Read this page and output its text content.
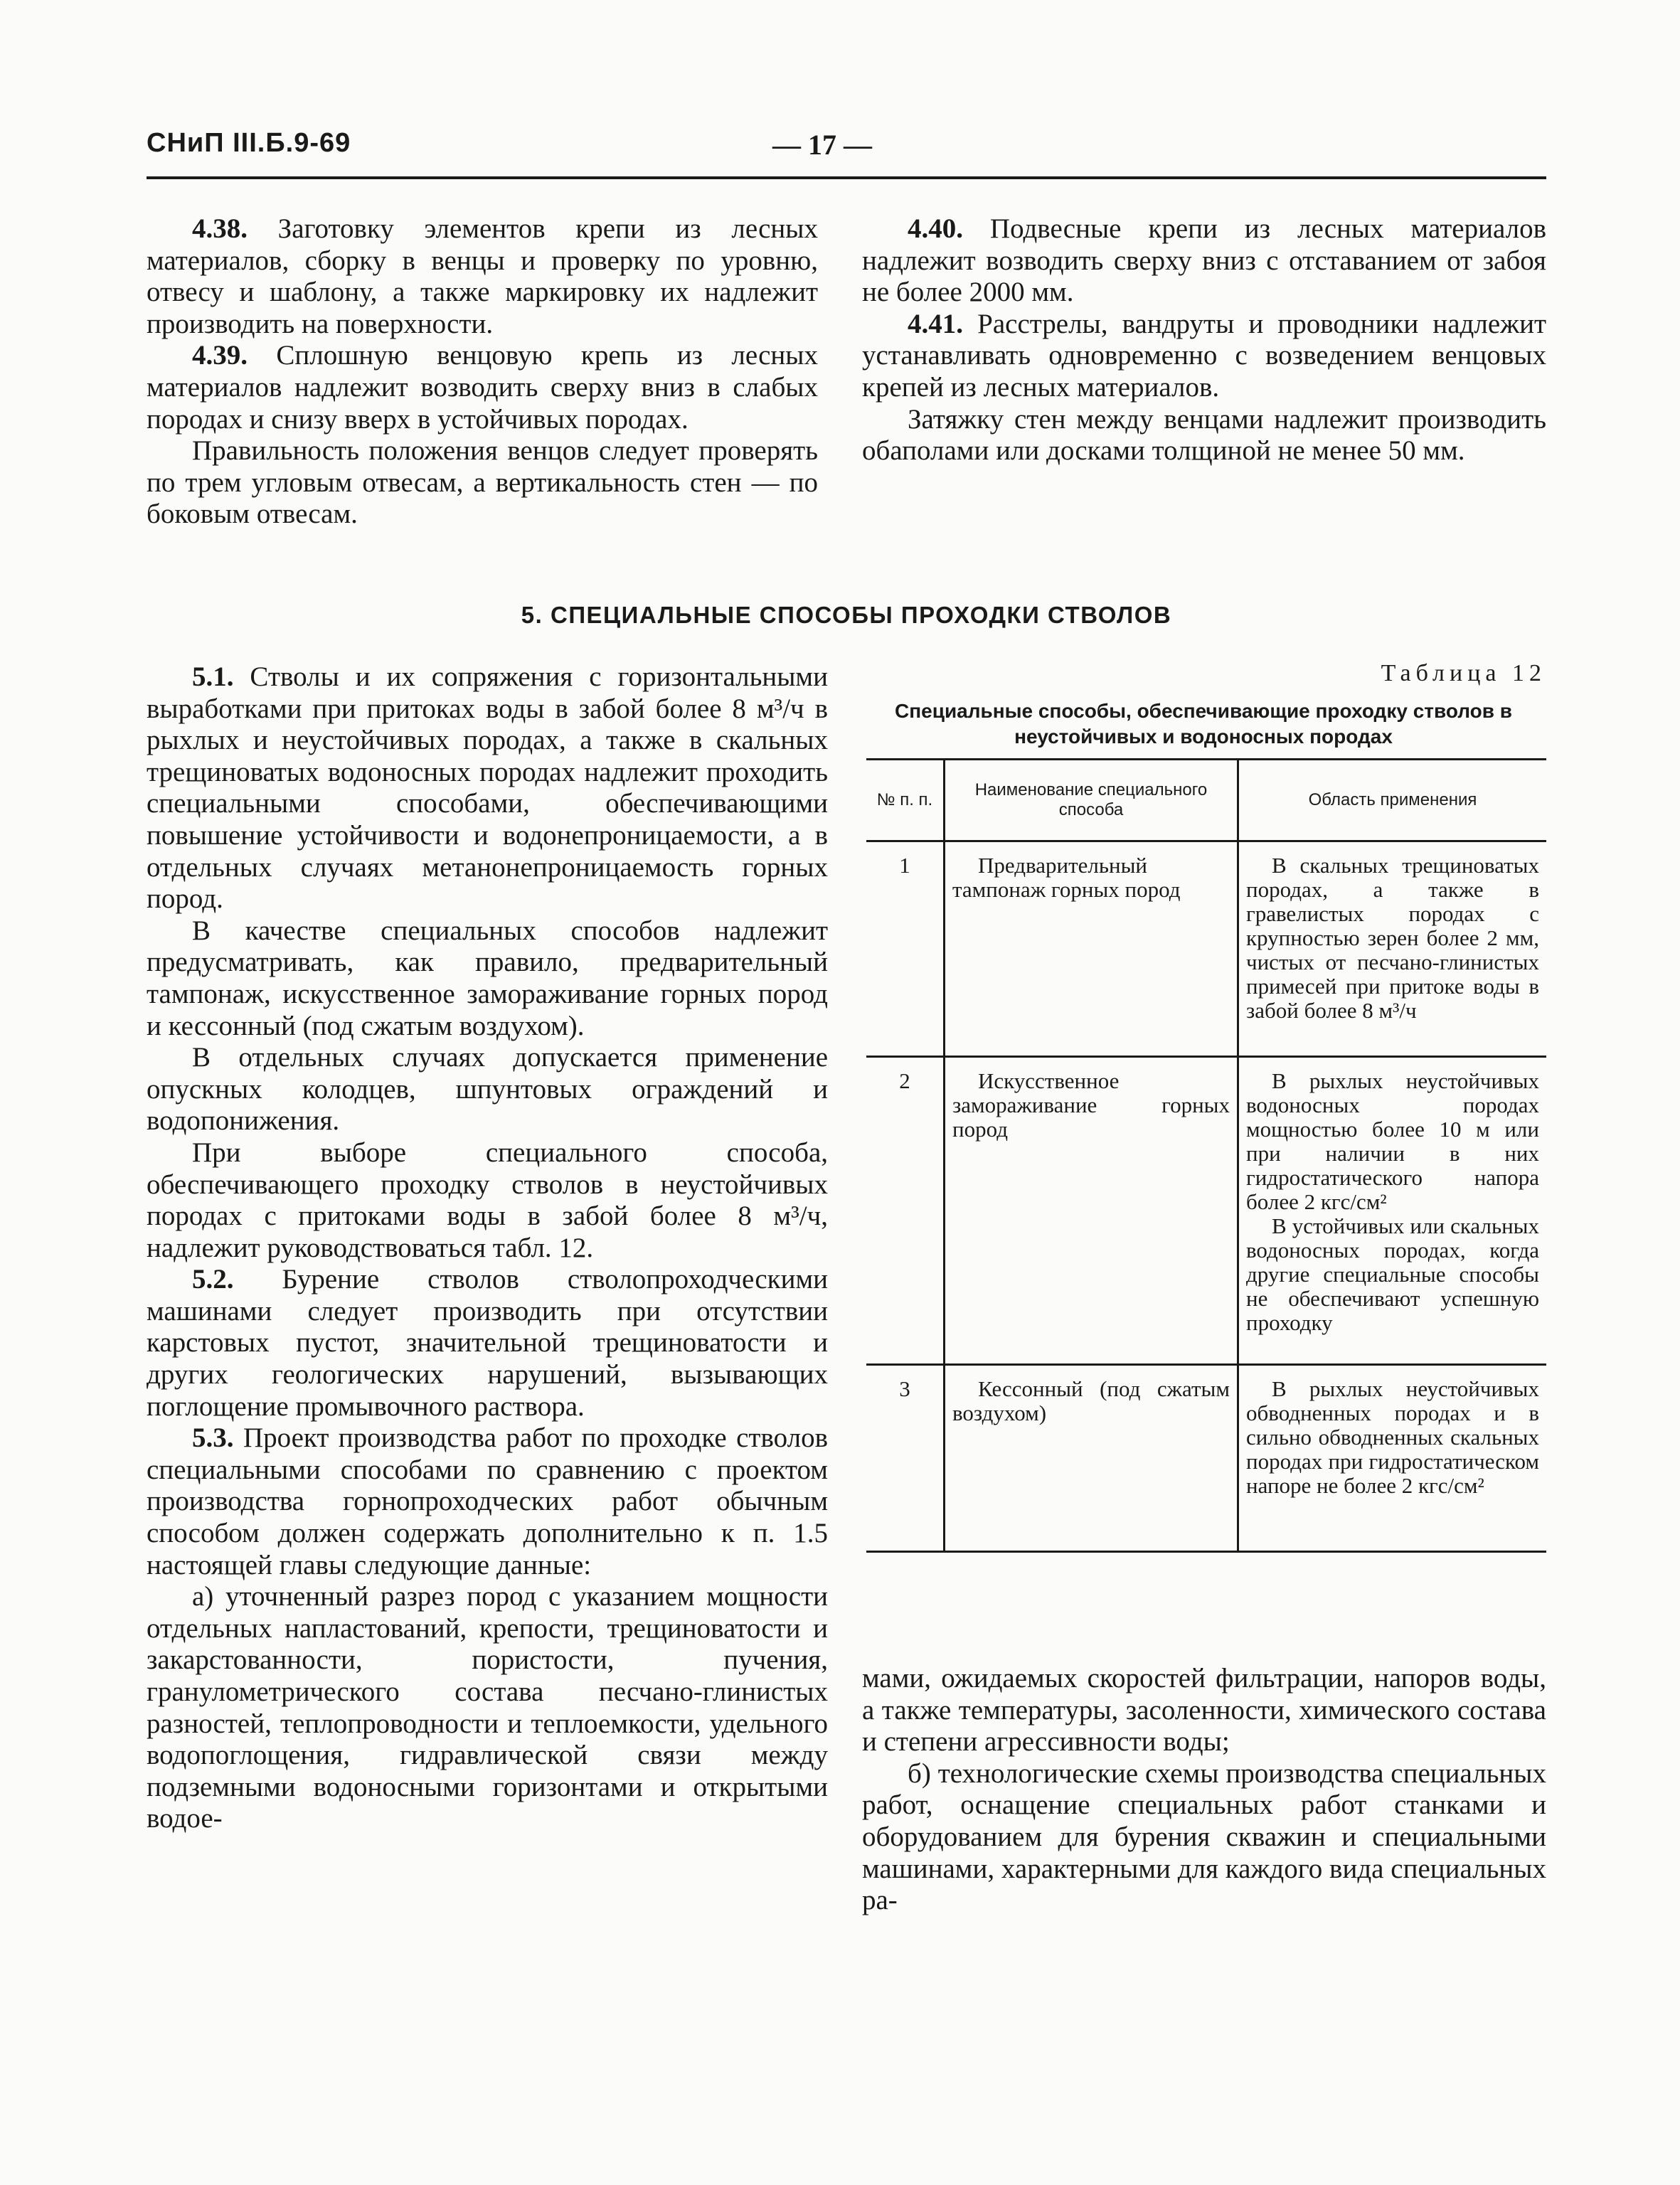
СНиП III.Б.9-69	— 17 —

4.38. Заготовку элементов крепи из лесных материалов, сборку в венцы и проверку по уровню, отвесу и шаблону, а также маркировку их надлежит производить на поверхности.

4.39. Сплошную венцовую крепь из лесных материалов надлежит возводить сверху вниз в слабых породах и снизу вверх в устойчивых породах.

Правильность положения венцов следует проверять по трем угловым отвесам, а вертикальность стен — по боковым отвесам.

4.40. Подвесные крепи из лесных материалов надлежит возводить сверху вниз с отставанием от забоя не более 2000 мм.

4.41. Расстрелы, вандруты и проводники надлежит устанавливать одновременно с возведением венцовых крепей из лесных материалов.

Затяжку стен между венцами надлежит производить обаполами или досками толщиной не менее 50 мм.

5. СПЕЦИАЛЬНЫЕ СПОСОБЫ ПРОХОДКИ СТВОЛОВ

5.1. Стволы и их сопряжения с горизонтальными выработками при притоках воды в забой более 8 м³/ч в рыхлых и неустойчивых породах, а также в скальных трещиноватых водоносных породах надлежит проходить специальными способами, обеспечивающими повышение устойчивости и водонепроницаемости, а в отдельных случаях метанонепроницаемость горных пород.

В качестве специальных способов надлежит предусматривать, как правило, предварительный тампонаж, искусственное замораживание горных пород и кессонный (под сжатым воздухом).

В отдельных случаях допускается применение опускных колодцев, шпунтовых ограждений и водопонижения.

При выборе специального способа, обеспечивающего проходку стволов в неустойчивых породах с притоками воды в забой более 8 м³/ч, надлежит руководствоваться табл. 12.

5.2. Бурение стволов стволопроходческими машинами следует производить при отсутствии карстовых пустот, значительной трещиноватости и других геологических нарушений, вызывающих поглощение промывочного раствора.

5.3. Проект производства работ по проходке стволов специальными способами по сравнению с проектом производства горнопроходческих работ обычным способом должен содержать дополнительно к п. 1.5 настоящей главы следующие данные:

а) уточненный разрез пород с указанием мощности отдельных напластований, крепости, трещиноватости и закарстованности, пористости, пучения, гранулометрического состава песчано-глинистых разностей, теплопроводности и теплоемкости, удельного водопоглощения, гидравлической связи между подземными водоносными горизонтами и открытыми водое-

Таблица 12
Специальные способы, обеспечивающие проходку стволов в неустойчивых и водоносных породах
№ п. п.	Наименование специального способа	Область применения
1	Предварительный тампонаж горных пород	В скальных трещиноватых породах, а также в гравелистых породах с крупностью зерен более 2 мм, чистых от песчано-глинистых примесей при притоке воды в забой более 8 м³/ч

2	Искусственное замораживание горных пород	В рыхлых неустойчивых водоносных породах мощностью более 10 м или при наличии в них гидростатического напора более 2 кгс/см²

В устойчивых или скальных водоносных породах, когда другие специальные способы не обеспечивают успешную проходку

3	Кессонный (под сжатым воздухом)	В рыхлых неустойчивых обводненных породах и в сильно обводненных скальных породах при гидростатическом напоре не более 2 кгс/см²

мами, ожидаемых скоростей фильтрации, напоров воды, а также температуры, засоленности, химического состава и степени агрессивности воды;

б) технологические схемы производства специальных работ, оснащение специальных работ станками и оборудованием для бурения скважин и специальными машинами, характерными для каждого вида специальных ра-
